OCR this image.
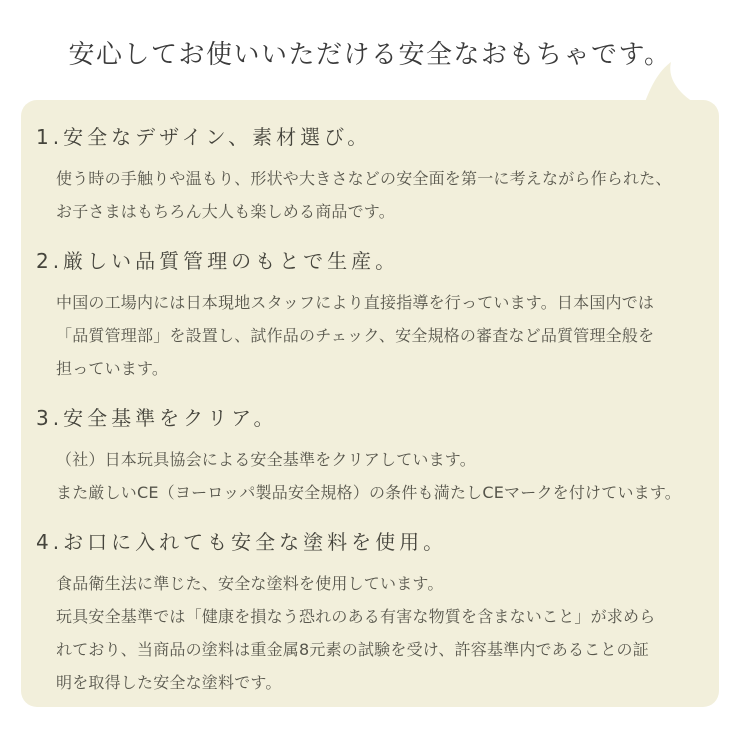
安心してお使いいただける安全なおもちゃです。
1.安全なデザイン、素材選び。
使う時の手触りや温もり、形状や大きさなどの安全面を第一に考えながら作られた、
お子さまはもちろん大人も楽しめる商品です。
2.厳しい品質管理のもとで生産。
中国の工場内には日本現地スタッフにより直接指導を行っています。日本国内では
「品質管理部」を設置し、試作品のチェック、安全規格の審査など品質管理全般を
担っています。
3.安全基準をクリア。
（社）日本玩具協会による安全基準をクリアしています。
また厳しいCE（ヨーロッパ製品安全規格）の条件も満たしCEマークを付けています。
4.お口に入れても安全な塗料を使用。
食品衛生法に準じた、安全な塗料を使用しています。
玩具安全基準では「健康を損なう恐れのある有害な物質を含まないこと」が求めら
れており、当商品の塗料は重金属8元素の試験を受け、許容基準内であることの証
明を取得した安全な塗料です。
